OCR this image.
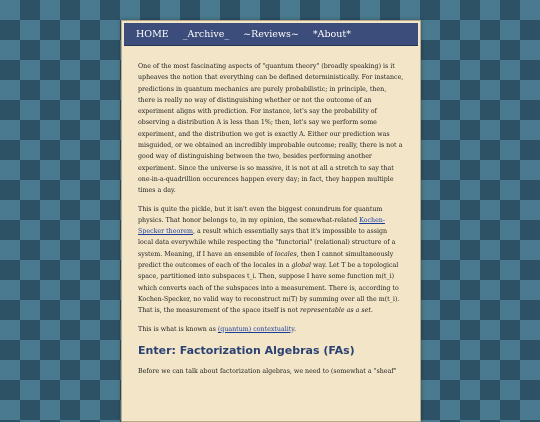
HOME _Archive_ ~Reviews~ *About*

One of the most fascinating aspects of "quantum theory" (broadly speaking) is it upheaves the notion that everything can be defined deterministically. For instance, predictions in quantum mechanics are purely probabilistic; in principle, then, there is really no way of distinguishing whether or not the outcome of an experiment aligns with prediction. For instance, let's say the probability of observing a distribution A is less than 1%; then, let's say we perform some experiment, and the distribution we get is exactly A. Either our prediction was misguided, or we obtained an incredibly improbable outcome; really, there is not a good way of distinguishing between the two, besides performing another experiment. Since the universe is so massive, it is not at all a stretch to say that one-in-a-quadrillion occurences happen every day; in fact, they happen multiple times a day.

This is quite the pickle, but it isn't even the biggest conundrum for quantum physics. That honor belongs to, in my opinion, the somewhat-related Kochen-Specker theorem, a result which essentially says that it's impossible to assign local data everywhile while respecting the "functorial" (relational) structure of a system. Meaning, if I have an ensemble of locales, then I cannot simultaneously predict the outcomes of each of the locales in a global way. Let T be a topological space, partitioned into subspaces t_i. Then, suppose I have some function m(t_i) which converts each of the subspaces into a measurement. There is, according to Kochen-Specker, no valid way to reconstruct m(T) by summing over all the m(t_i). That is, the measurement of the space itself is not representable as a set.

This is what is known as (quantum) contextuality.

Enter: Factorization Algebras (FAs)

Before we can talk about factorization algebras, we need to (somewhat a "sheaf"
